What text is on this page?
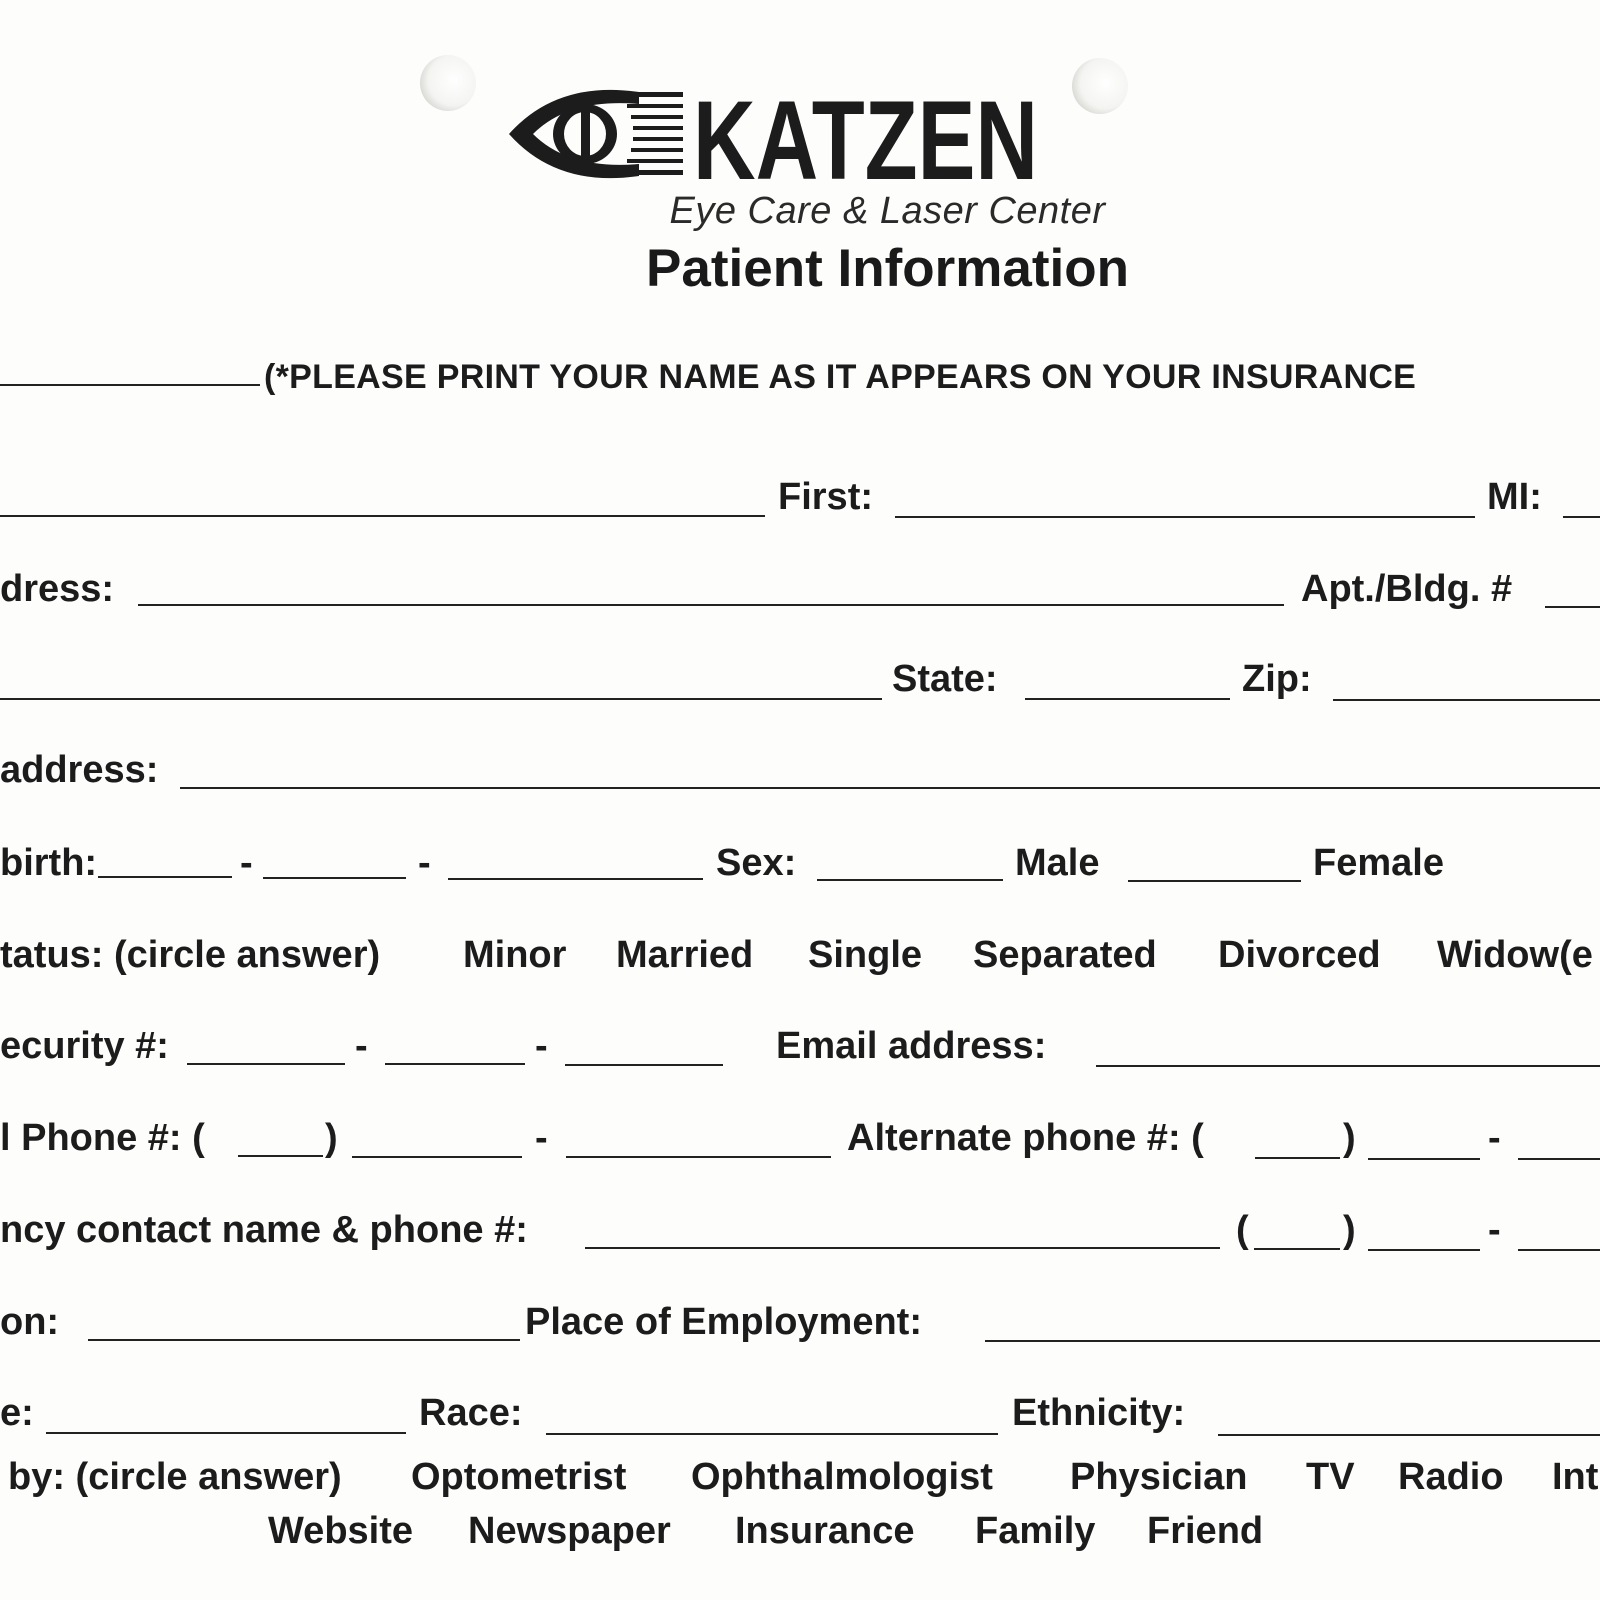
KATZEN
Eye Care & Laser Center
Patient Information
(*PLEASE PRINT YOUR NAME AS IT APPEARS ON YOUR INSURANCE
First:	MI:
dress:	Apt./Bldg. #
State:	Zip:
address:
birth:	-	-	Sex:	Male	Female
tatus: (circle answer) Minor Married Single Separated Divorced Widow(e
ecurity #:	-	-	Email address:
l Phone #: (	)	-	Alternate phone #: (	)	-
ncy contact name & phone #:	( )	-
on:	Place of Employment:
e:	Race:	Ethnicity:
by: (circle answer) Optometrist Ophthalmologist Physician TV Radio Int
Website Newspaper Insurance Family Friend
